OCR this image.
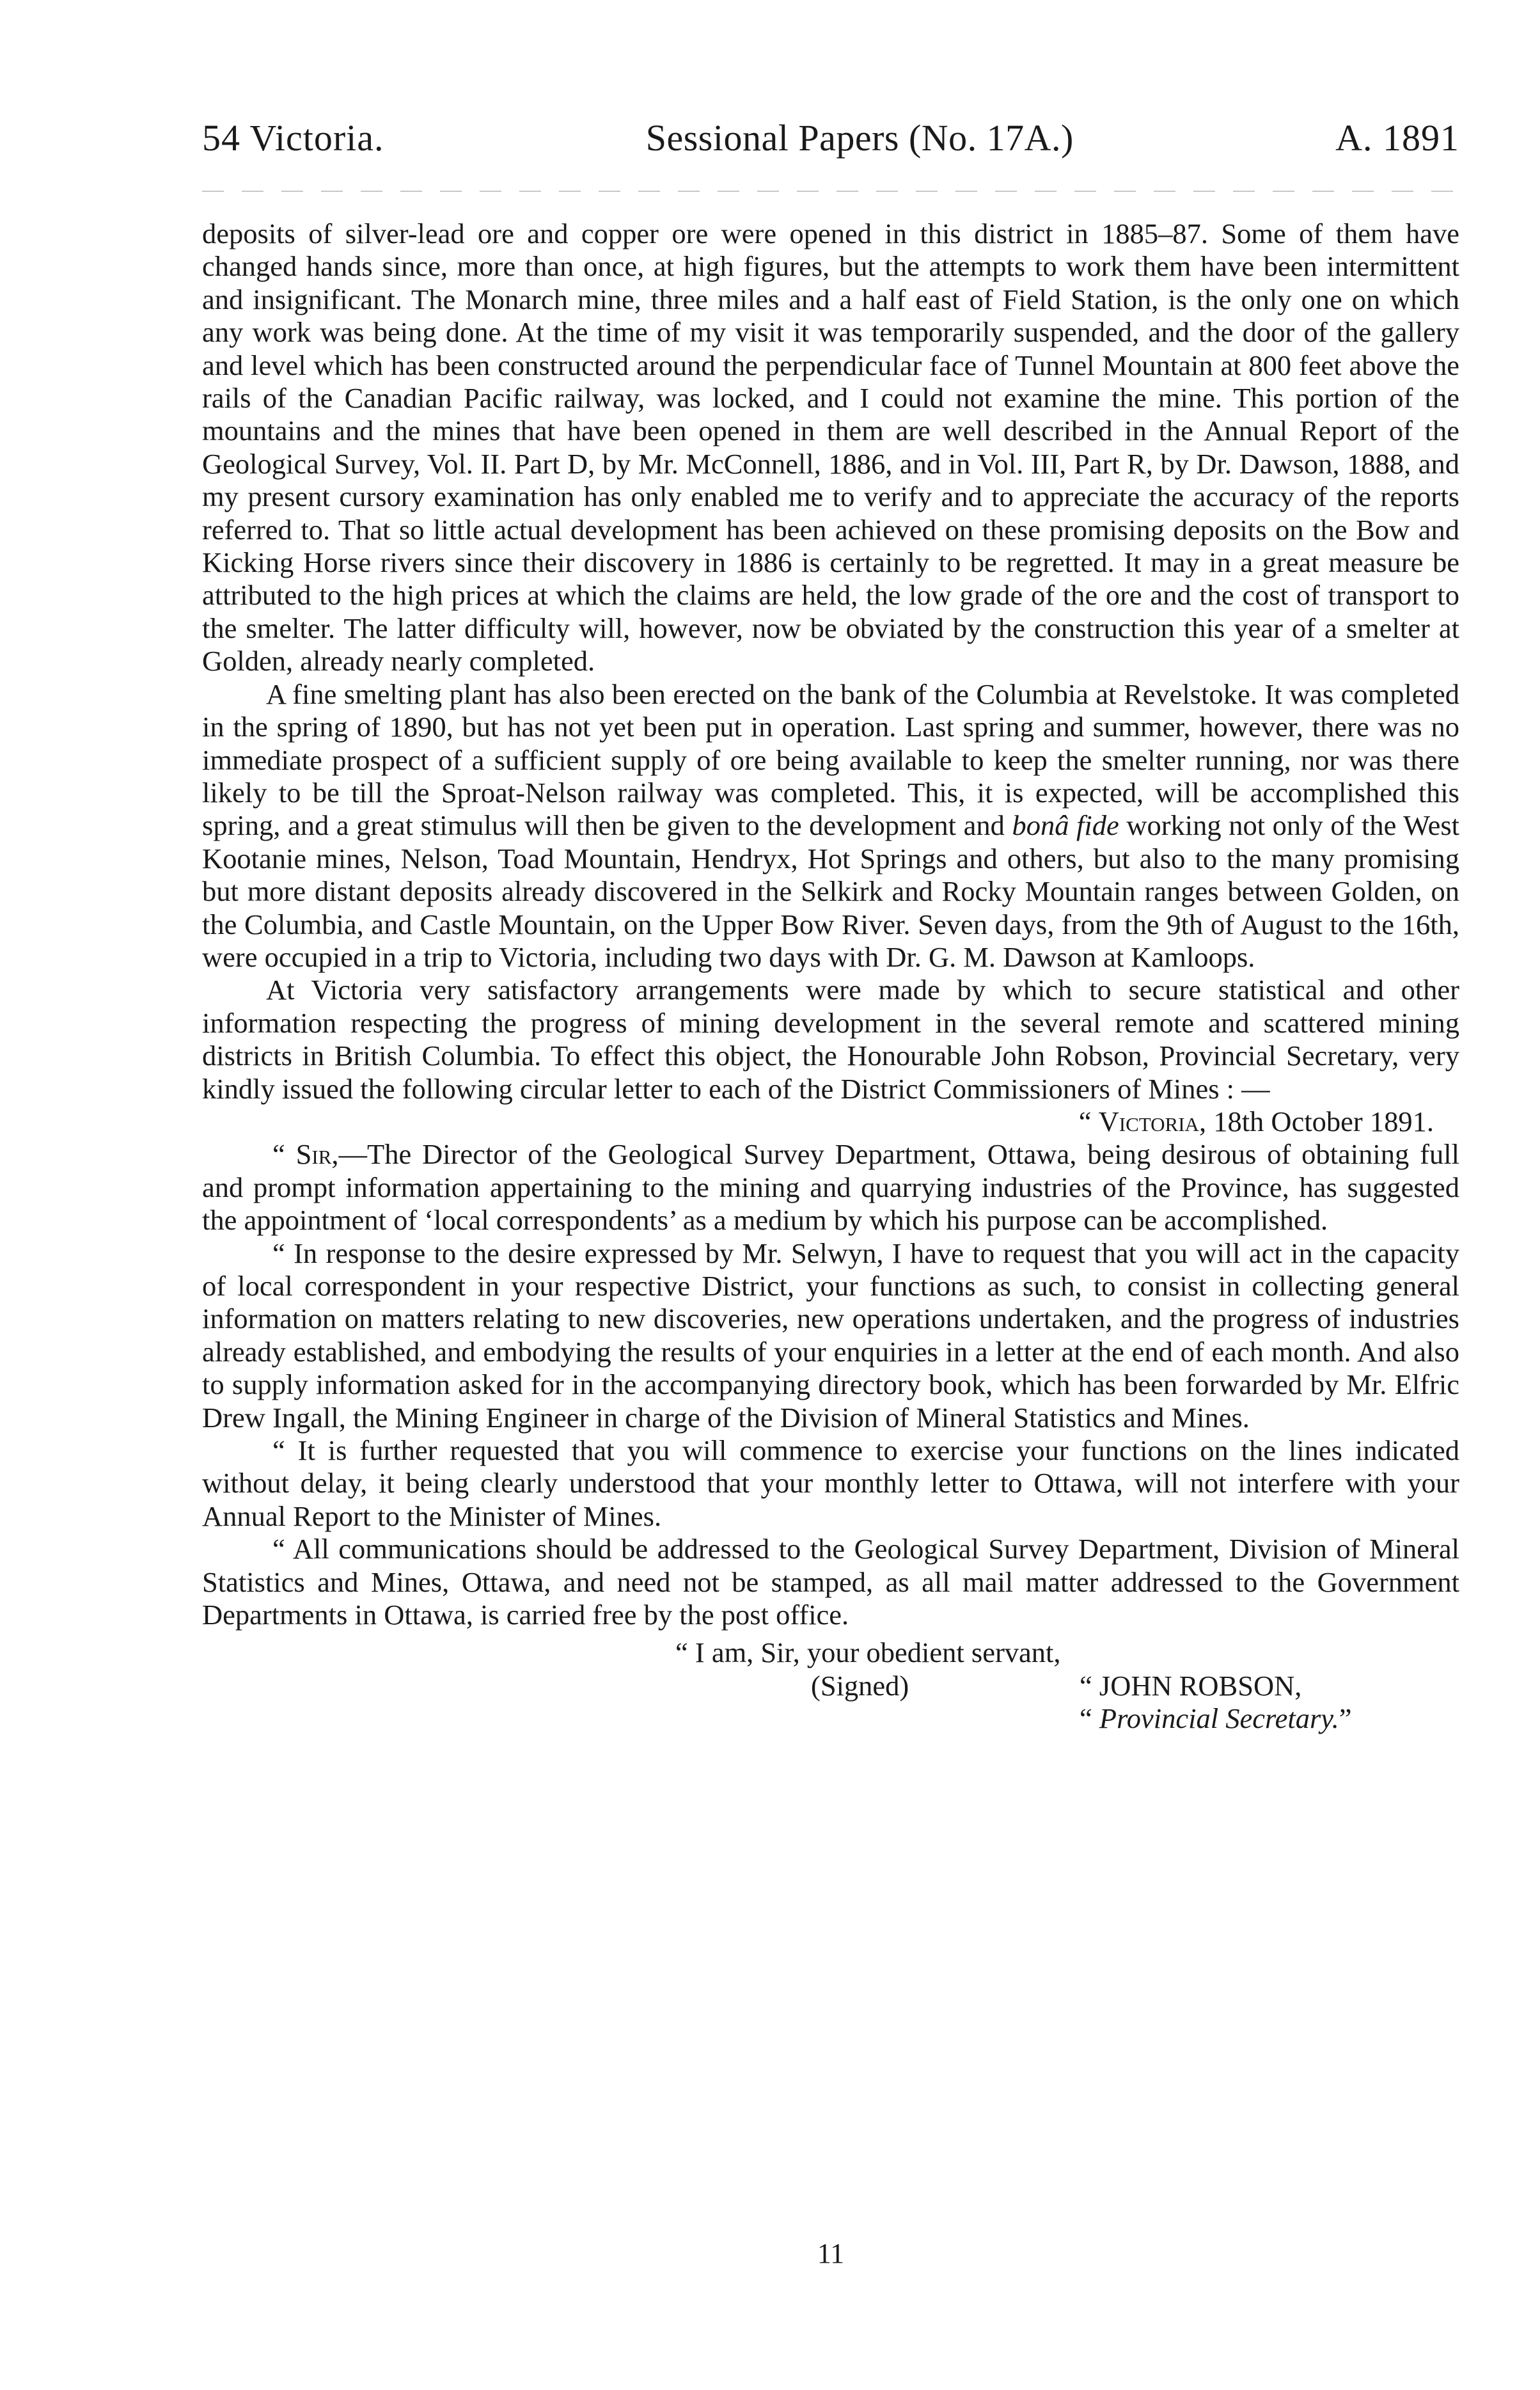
54 Victoria.	Sessional Papers (No. 17A.)	A. 1891

deposits of silver-lead ore and copper ore were opened in this district in 1885–87. Some of them have changed hands since, more than once, at high figures, but the attempts to work them have been intermittent and insignificant. The Monarch mine, three miles and a half east of Field Station, is the only one on which any work was being done. At the time of my visit it was temporarily suspended, and the door of the gallery and level which has been constructed around the perpendicular face of Tunnel Mountain at 800 feet above the rails of the Canadian Pacific railway, was locked, and I could not examine the mine. This portion of the mountains and the mines that have been opened in them are well described in the Annual Report of the Geological Survey, Vol. II. Part D, by Mr. McConnell, 1886, and in Vol. III, Part R, by Dr. Dawson, 1888, and my present cursory examination has only enabled me to verify and to appreciate the accuracy of the reports referred to. That so little actual development has been achieved on these promising deposits on the Bow and Kicking Horse rivers since their discovery in 1886 is certainly to be regretted. It may in a great measure be attributed to the high prices at which the claims are held, the low grade of the ore and the cost of transport to the smelter. The latter difficulty will, however, now be obviated by the construction this year of a smelter at Golden, already nearly completed.

A fine smelting plant has also been erected on the bank of the Columbia at Revelstoke. It was completed in the spring of 1890, but has not yet been put in operation. Last spring and summer, however, there was no immediate prospect of a sufficient supply of ore being available to keep the smelter running, nor was there likely to be till the Sproat-Nelson railway was completed. This, it is expected, will be accomplished this spring, and a great stimulus will then be given to the development and bonâ fide working not only of the West Kootanie mines, Nelson, Toad Mountain, Hendryx, Hot Springs and others, but also to the many promising but more distant deposits already discovered in the Selkirk and Rocky Mountain ranges between Golden, on the Columbia, and Castle Mountain, on the Upper Bow River. Seven days, from the 9th of August to the 16th, were occupied in a trip to Victoria, including two days with Dr. G. M. Dawson at Kamloops.

At Victoria very satisfactory arrangements were made by which to secure statistical and other information respecting the progress of mining development in the several remote and scattered mining districts in British Columbia. To effect this object, the Honourable John Robson, Provincial Secretary, very kindly issued the following circular letter to each of the District Commissioners of Mines : —

“ Victoria, 18th October 1891.

“ Sir,—The Director of the Geological Survey Department, Ottawa, being desirous of obtaining full and prompt information appertaining to the mining and quarrying industries of the Province, has suggested the appointment of ‘local correspondents’ as a medium by which his purpose can be accomplished.

“ In response to the desire expressed by Mr. Selwyn, I have to request that you will act in the capacity of local correspondent in your respective District, your functions as such, to consist in collecting general information on matters relating to new discoveries, new operations undertaken, and the progress of industries already established, and embodying the results of your enquiries in a letter at the end of each month. And also to supply information asked for in the accompanying directory book, which has been forwarded by Mr. Elfric Drew Ingall, the Mining Engineer in charge of the Division of Mineral Statistics and Mines.

“ It is further requested that you will commence to exercise your functions on the lines indicated without delay, it being clearly understood that your monthly letter to Ottawa, will not interfere with your Annual Report to the Minister of Mines.

“ All communications should be addressed to the Geological Survey Department, Division of Mineral Statistics and Mines, Ottawa, and need not be stamped, as all mail matter addressed to the Government Departments in Ottawa, is carried free by the post office.

“ I am, Sir, your obedient servant,
(Signed)	“ JOHN ROBSON,
“ Provincial Secretary.”
11
